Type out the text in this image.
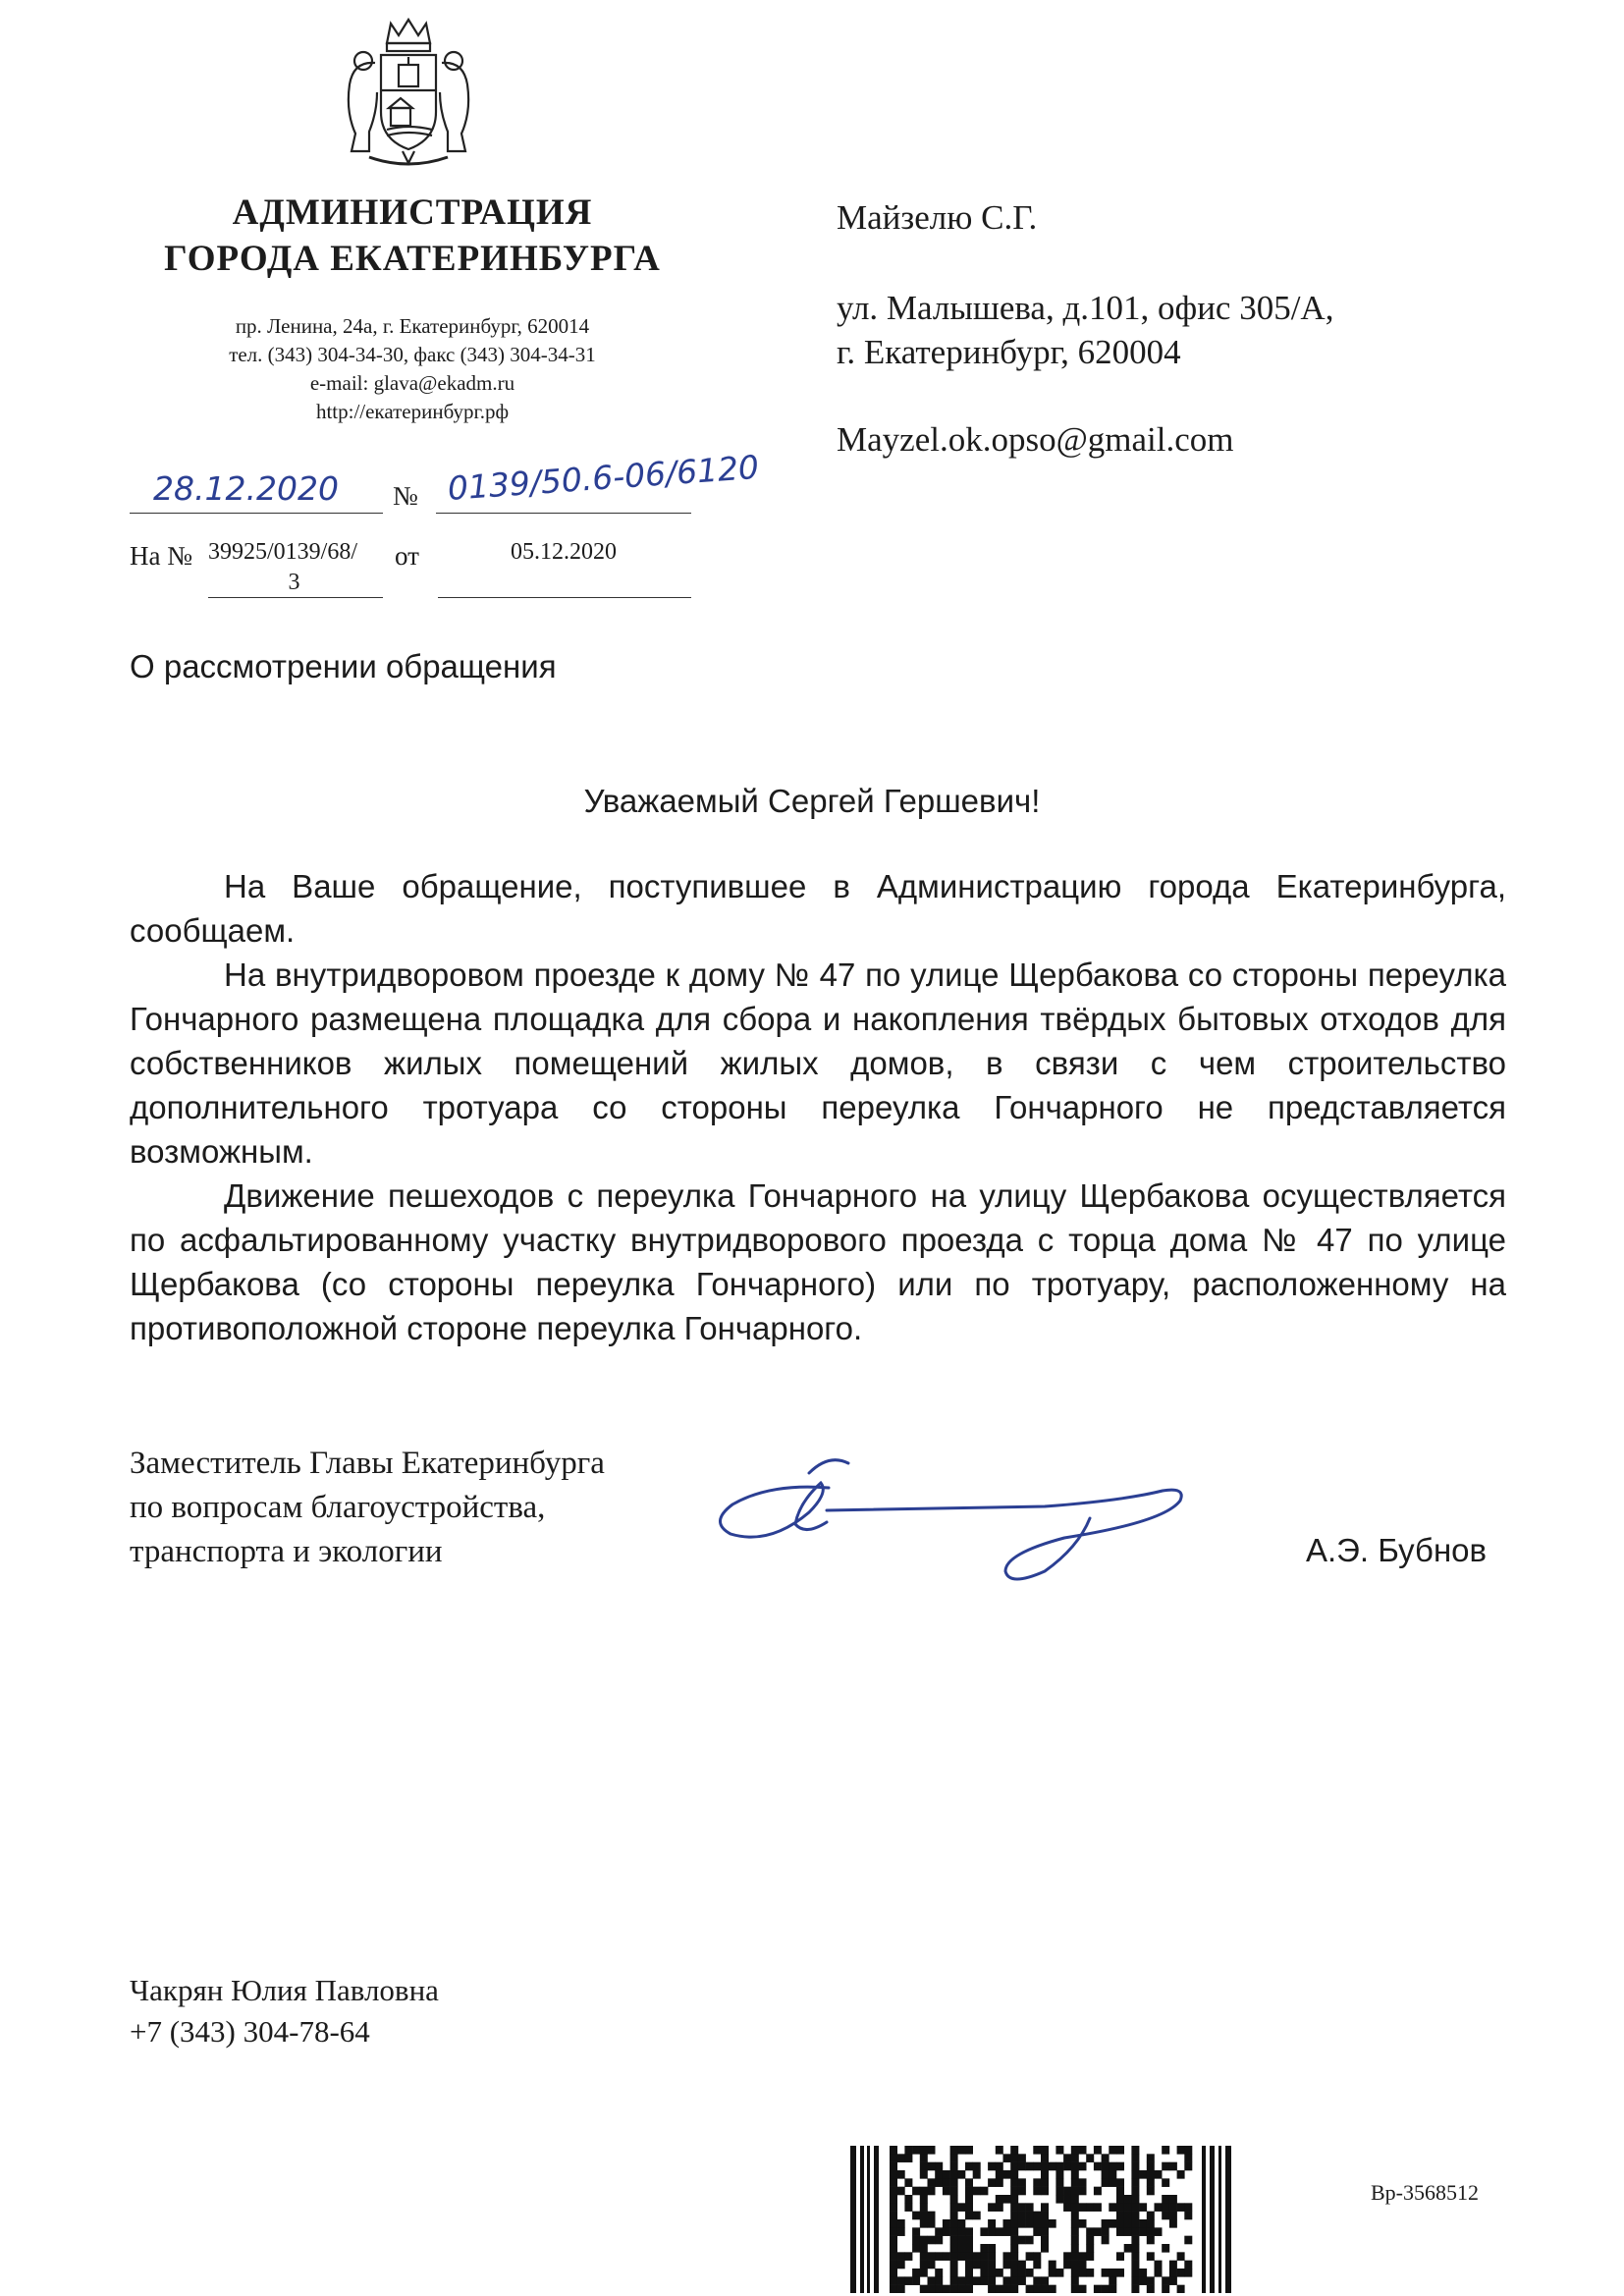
АДМИНИСТРАЦИЯ
ГОРОДА ЕКАТЕРИНБУРГА
пр. Ленина, 24а, г. Екатеринбург, 620014
тел. (343) 304-34-30, факс (343) 304-34-31
e-mail: glava@ekadm.ru
http://екатеринбург.рф
28.12.2020 № 0139/50.6-06/6120
На № 39925/0139/68/
3
от	05.12.2020
Майзелю С.Г.
ул. Малышева, д.101, офис 305/А,
г. Екатеринбург, 620004
Mayzel.ok.opso@gmail.com
О рассмотрении обращения
Уважаемый Сергей Гершевич!

На Ваше обращение, поступившее в Администрацию города Екатеринбурга, сообщаем.

На внутридворовом проезде к дому № 47 по улице Щербакова со стороны переулка Гончарного размещена площадка для сбора и накопления твёрдых бытовых отходов для собственников жилых помещений жилых домов, в связи с чем строительство дополнительного тротуара со стороны переулка Гончарного не представляется возможным.

Движение пешеходов с переулка Гончарного на улицу Щербакова осуществляется по асфальтированному участку внутридворового проезда с торца дома № 47 по улице Щербакова (со стороны переулка Гончарного) или по тротуару, расположенному на противоположной стороне переулка Гончарного.

Заместитель Главы Екатеринбурга
по вопросам благоустройства,
транспорта и экологии	А.Э. Бубнов
Чакрян Юлия Павловна
+7 (343) 304-78-64
Вр-3568512
